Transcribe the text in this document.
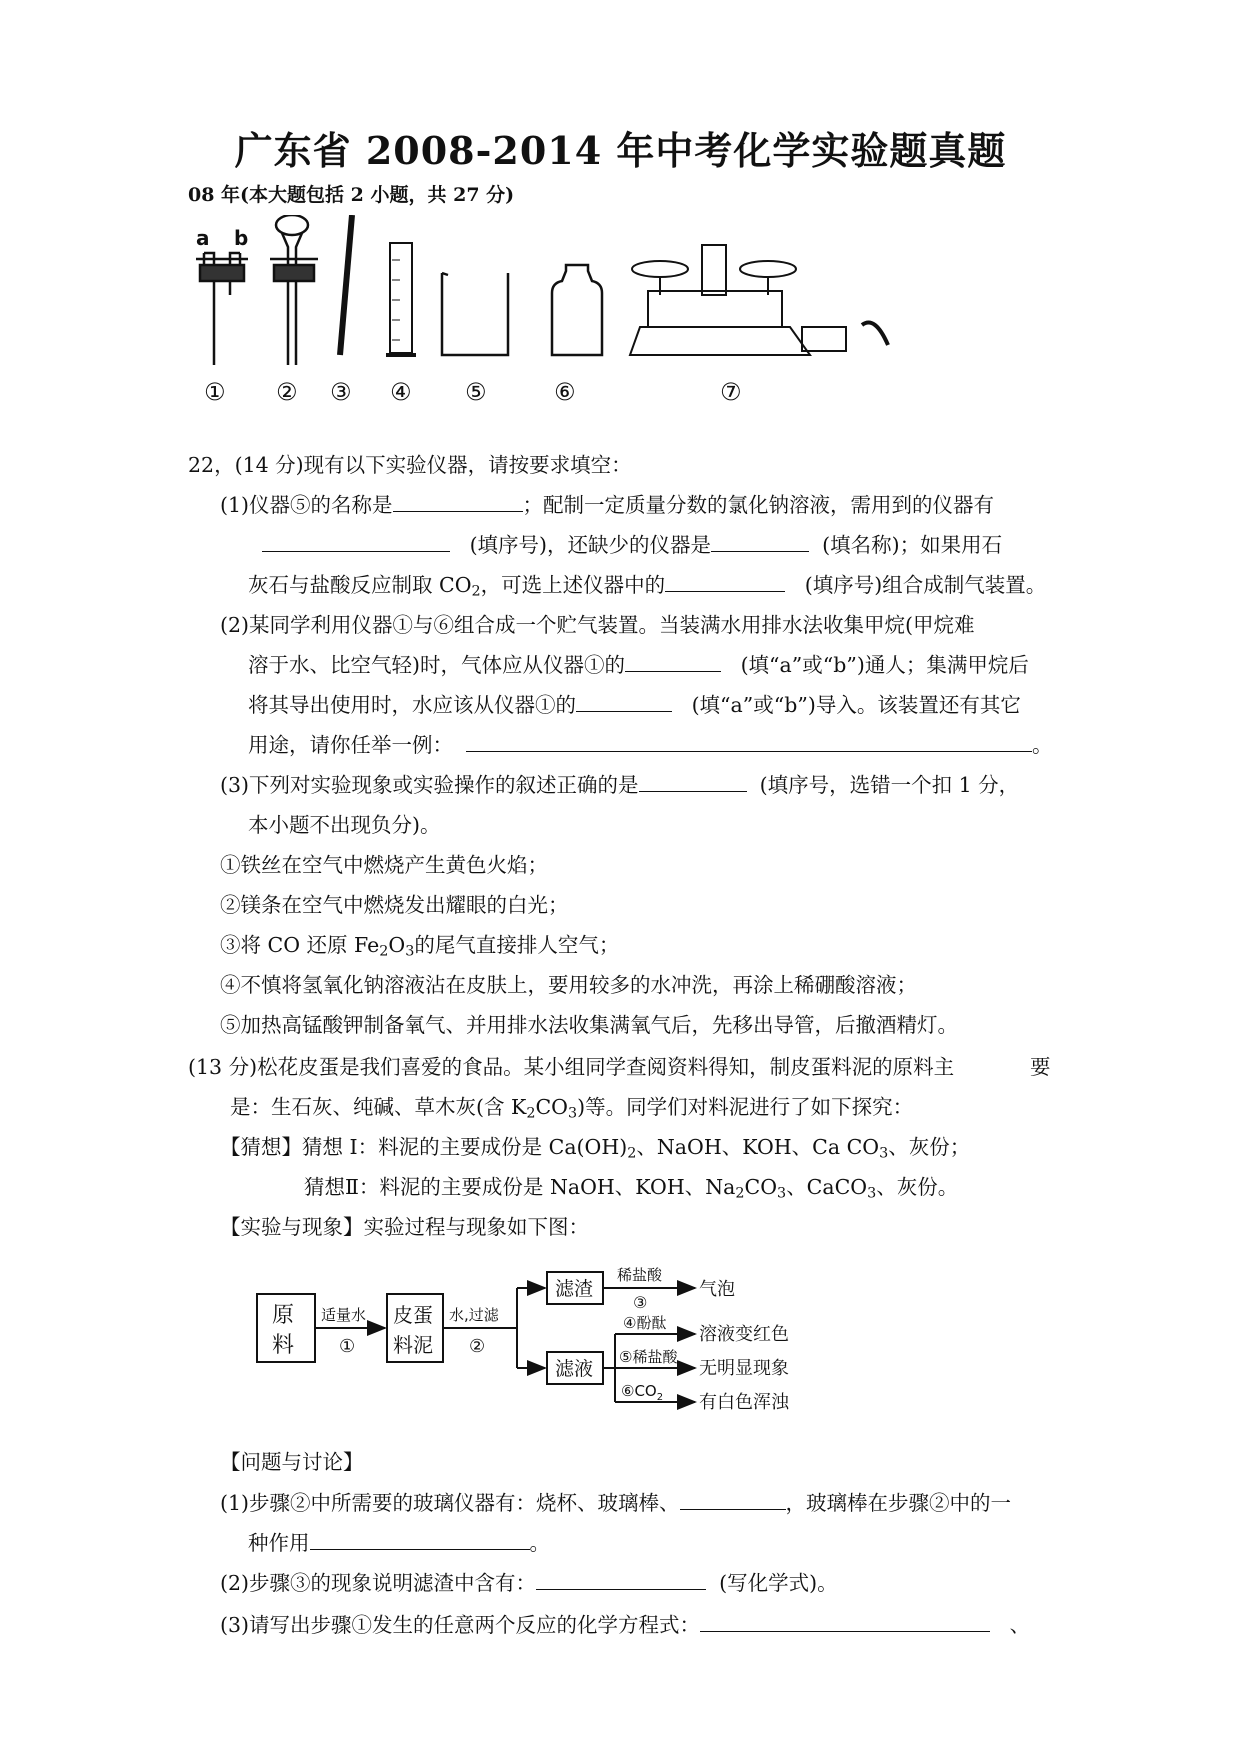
广东省 2008-2014 年中考化学实验题真题
08 年(本大题包括 2 小题，共 27 分)
a b
① ② ③ ④ ⑤	⑥	⑦
22，(14 分)现有以下实验仪器，请按要求填空：
(1)仪器⑤的名称是	；配制一定质量分数的氯化钠溶液，需用到的仪器有
(填序号)，还缺少的仪器是	(填名称)；如果用石
灰石与盐酸反应制取 $CO_2$，可选上述仪器中的	(填序号)组合成制气装置。
(2)某同学利用仪器①与⑥组合成一个贮气装置。当装满水用排水法收集甲烷(甲烷难
溶于水、比空气轻)时，气体应从仪器①的	(填“a”或“b”)通人；集满甲烷后
将其导出使用时，水应该从仪器①的	(填“a”或“b”)导入。该装置还有其它
用途，请你任举一例：	。
(3)下列对实验现象或实验操作的叙述正确的是	(填序号，选错一个扣 1 分，
本小题不出现负分)。
①铁丝在空气中燃烧产生黄色火焰；
②镁条在空气中燃烧发出耀眼的白光；
③将 CO 还原 $Fe_2O_3$的尾气直接排人空气；
④不慎将氢氧化钠溶液沾在皮肤上，要用较多的水冲洗，再涂上稀硼酸溶液；
⑤加热高锰酸钾制备氧气、并用排水法收集满氧气后，先移出导管，后撤酒精灯。
(13 分)松花皮蛋是我们喜爱的食品。某小组同学查阅资料得知，制皮蛋料泥的原料主	要
是：生石灰、纯碱、草木灰(含 $K_2CO_3$)等。同学们对料泥进行了如下探究：
【猜想】猜想 I：料泥的主要成份是 $Ca(OH)_2$、NaOH、KOH、Ca $CO_3$、灰份；
猜想Ⅱ：料泥的主要成份是 NaOH、KOH、$Na_2CO_3$、CaCO$_3$、灰份。
【实验与现象】实验过程与现象如下图：
原
料
适量水
①
皮蛋
料泥
水,过滤
②
滤渣
稀盐酸
③
气泡
滤液
④酚酞
⑤稀盐酸
$⑥CO_2$
溶液变红色
无明显现象
有白色浑浊
【问题与讨论】
(1)步骤②中所需要的玻璃仪器有：烧杯、玻璃棒、	，玻璃棒在步骤②中的一
种作用	。
(2)步骤③的现象说明滤渣中含有：	(写化学式)。
(3)请写出步骤①发生的任意两个反应的化学方程式：	、
